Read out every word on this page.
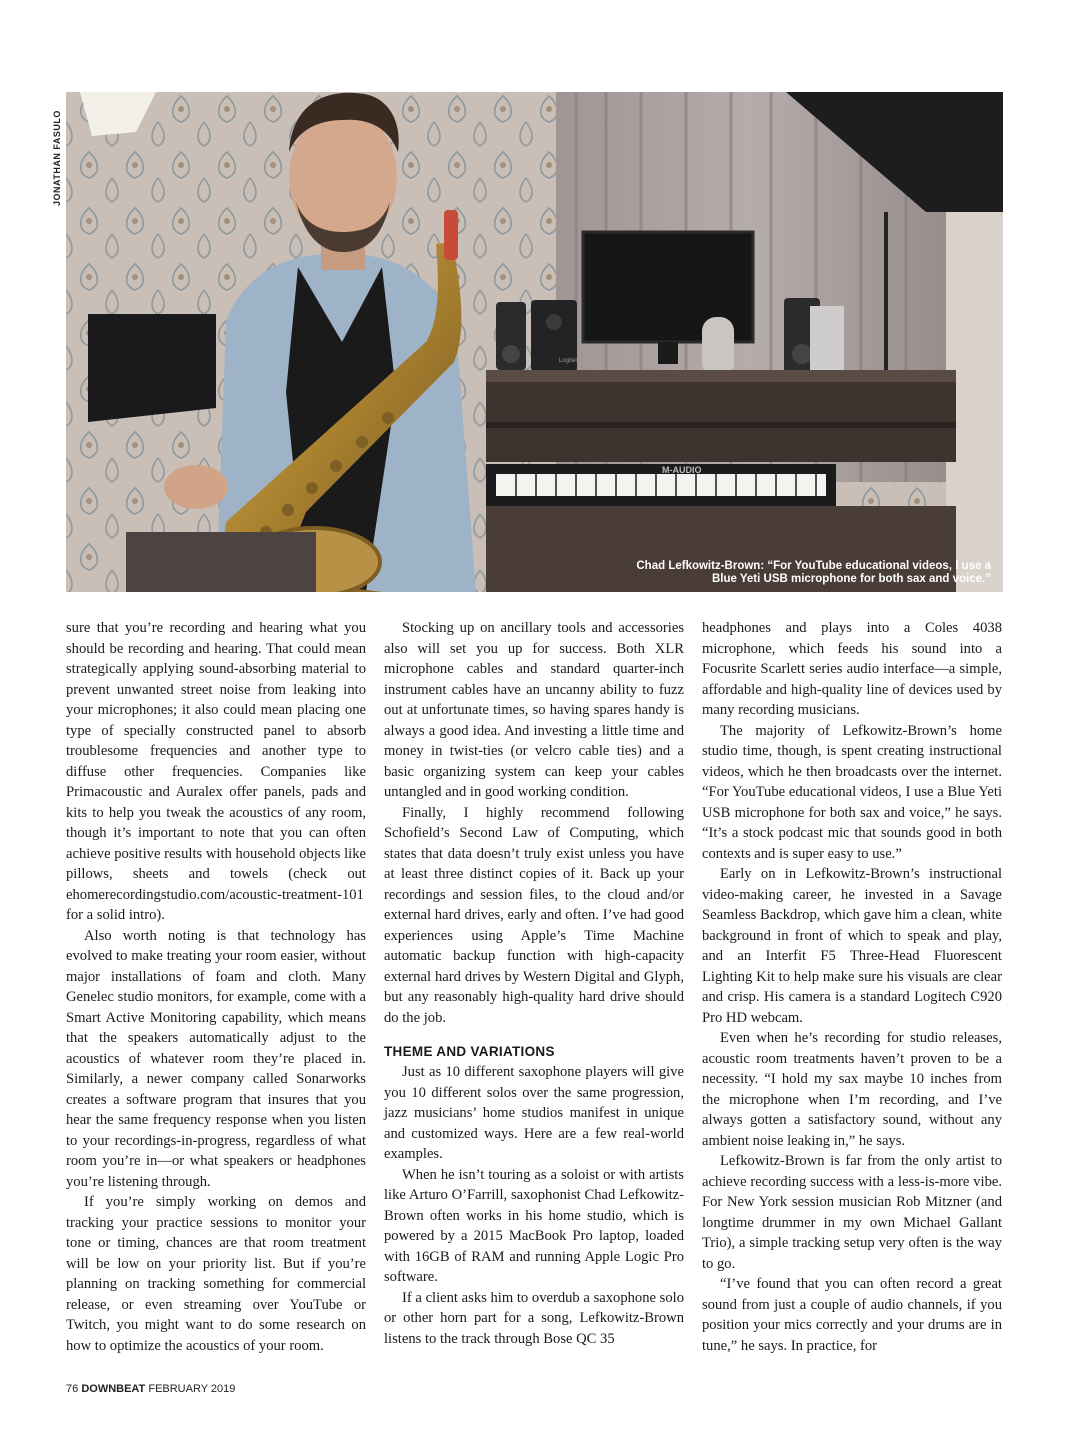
JONATHAN FASULO
Logitech
M-AUDIO
Chad Lefkowitz-Brown: “For YouTube educational videos, I use a Blue Yeti USB microphone for both sax and voice.”

sure that you’re recording and hearing what you should be recording and hearing. That could mean strategically applying sound-absorbing material to prevent unwanted street noise from leaking into your microphones; it also could mean placing one type of specially constructed panel to absorb troublesome frequencies and another type to diffuse other frequencies. Companies like Primacoustic and Auralex offer panels, pads and kits to help you tweak the acoustics of any room, though it’s important to note that you can often achieve positive results with household objects like pillows, sheets and towels (check out ehomerecordingstudio.com/acoustic-treatment-101 for a solid intro).

Also worth noting is that technology has evolved to make treating your room easier, without major installations of foam and cloth. Many Genelec studio monitors, for example, come with a Smart Active Monitoring capability, which means that the speakers automatically adjust to the acoustics of whatever room they’re placed in. Similarly, a newer company called Sonarworks creates a software program that insures that you hear the same frequency response when you listen to your recordings-in-progress, regardless of what room you’re in—or what speakers or headphones you’re listening through.

If you’re simply working on demos and tracking your practice sessions to monitor your tone or timing, chances are that room treatment will be low on your priority list. But if you’re planning on tracking something for commercial release, or even streaming over YouTube or Twitch, you might want to do some research on how to optimize the acoustics of your room.

Stocking up on ancillary tools and accessories also will set you up for success. Both XLR microphone cables and standard quarter-inch instrument cables have an uncanny ability to fuzz out at unfortunate times, so having spares handy is always a good idea. And investing a little time and money in twist-ties (or velcro cable ties) and a basic organizing system can keep your cables untangled and in good working condition.

Finally, I highly recommend following Schofield’s Second Law of Computing, which states that data doesn’t truly exist unless you have at least three distinct copies of it. Back up your recordings and session files, to the cloud and/or external hard drives, early and often. I’ve had good experiences using Apple’s Time Machine automatic backup function with high-capacity external hard drives by Western Digital and Glyph, but any reasonably high-quality hard drive should do the job.

THEME AND VARIATIONS

Just as 10 different saxophone players will give you 10 different solos over the same progression, jazz musicians’ home studios manifest in unique and customized ways. Here are a few real-world examples.

When he isn’t touring as a soloist or with artists like Arturo O’Farrill, saxophonist Chad Lefkowitz-Brown often works in his home studio, which is powered by a 2015 MacBook Pro laptop, loaded with 16GB of RAM and running Apple Logic Pro software.

If a client asks him to overdub a saxophone solo or other horn part for a song, Lefkowitz-Brown listens to the track through Bose QC 35

headphones and plays into a Coles 4038 microphone, which feeds his sound into a Focusrite Scarlett series audio interface—a simple, affordable and high-quality line of devices used by many recording musicians.

The majority of Lefkowitz-Brown’s home studio time, though, is spent creating instructional videos, which he then broadcasts over the internet. “For YouTube educational videos, I use a Blue Yeti USB microphone for both sax and voice,” he says. “It’s a stock podcast mic that sounds good in both contexts and is super easy to use.”

Early on in Lefkowitz-Brown’s instructional video-making career, he invested in a Savage Seamless Backdrop, which gave him a clean, white background in front of which to speak and play, and an Interfit F5 Three-Head Fluorescent Lighting Kit to help make sure his visuals are clear and crisp. His camera is a standard Logitech C920 Pro HD webcam.

Even when he’s recording for studio releases, acoustic room treatments haven’t proven to be a necessity. “I hold my sax maybe 10 inches from the microphone when I’m recording, and I’ve always gotten a satisfactory sound, without any ambient noise leaking in,” he says.

Lefkowitz-Brown is far from the only artist to achieve recording success with a less-is-more vibe. For New York session musician Rob Mitzner (and longtime drummer in my own Michael Gallant Trio), a simple tracking setup very often is the way to go.

“I’ve found that you can often record a great sound from just a couple of audio channels, if you position your mics correctly and your drums are in tune,” he says. In practice, for

76 DOWNBEAT FEBRUARY 2019
